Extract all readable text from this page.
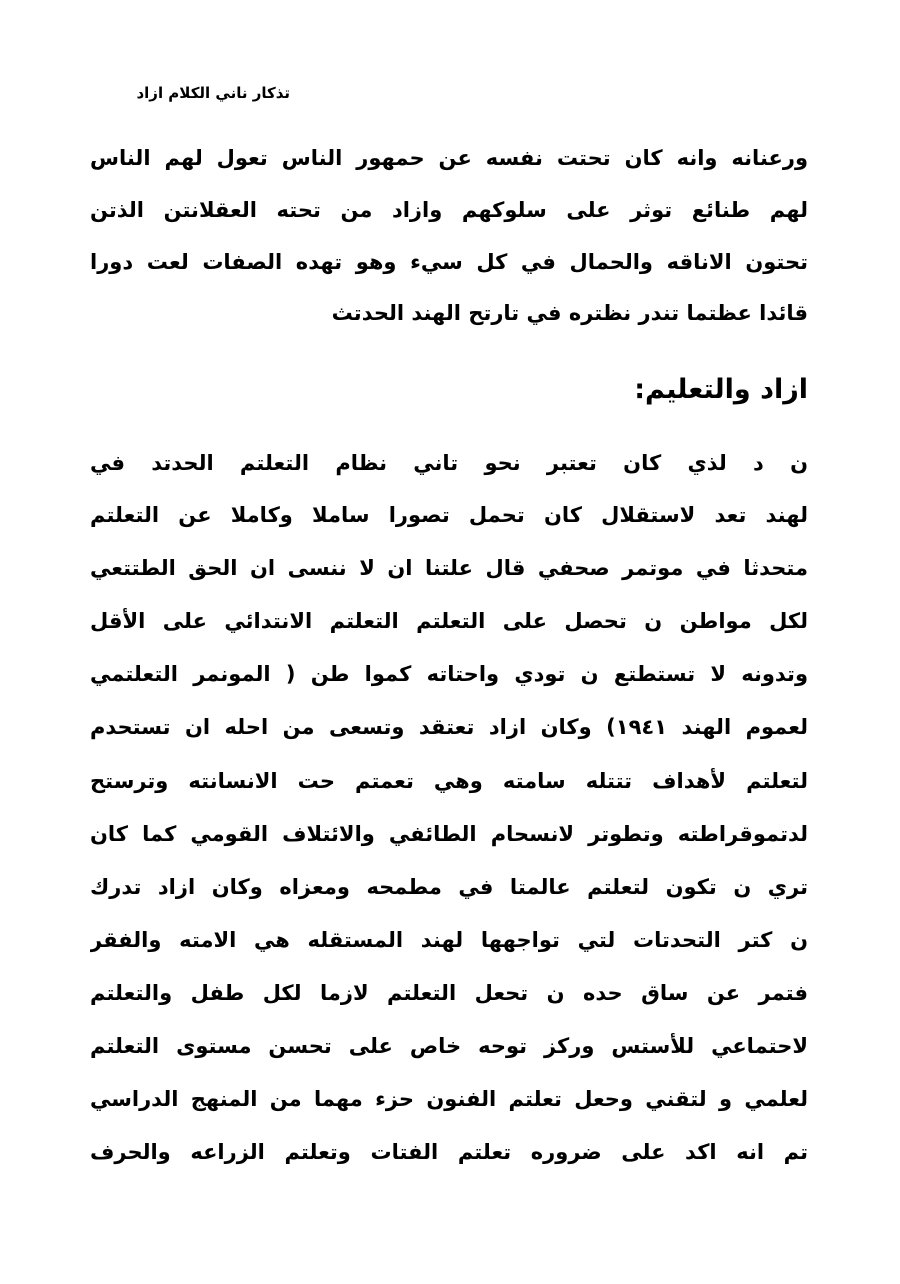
تذكار ناني الكلام ازاد
ورعنانه وانه كان تحتت نفسه عن حمهور الناس تعول لهم الناس
لهم طنائع توثر على سلوكهم وازاد من تحته العقلانتن الذتن
تحتون الاناقه والحمال في كل سيء وهو تهده الصفات لعت دورا
قائدا عظتما تندر نظتره في تارتح الهند الحدتث
ازاد والتعليم:
ن د لذي كان تعتبر نحو تاني نظام التعلتم الحدتد في
لهند تعد لاستقلال كان تحمل تصورا ساملا وكاملا عن التعلتم
متحدثا في موتمر صحفي قال علتنا ان لا ننسى ان الحق الطتتعي
لكل مواطن ن تحصل على التعلتم التعلتم الانتدائي على الأقل
وتدونه لا تستطتع ن تودي واحتاته كموا طن ( المونمر التعلتمي
لعموم الهند ١٩٤١) وكان ازاد تعتقد وتسعى من احله ان تستحدم
لتعلتم لأهداف تتتله سامته وهي تعمتم حت الانسانته وترستح
لدتموقراطته وتطوتر لانسحام الطائفي والائتلاف القومي كما كان
تري ن تكون لتعلتم عالمتا في مطمحه ومعزاه وكان ازاد تدرك
ن كتر التحدتات لتي تواجهها لهند المستقله هي الامته والفقر
فتمر عن ساق حده ن تحعل التعلتم لازما لكل طفل والتعلتم
لاحتماعي للأستس وركز توحه خاص على تحسن مستوى التعلتم
لعلمي و لتقني وحعل تعلتم الفنون حزء مهما من المنهج الدراسي
تم انه اكد على ضروره تعلتم الفتات وتعلتم الزراعه والحرف
